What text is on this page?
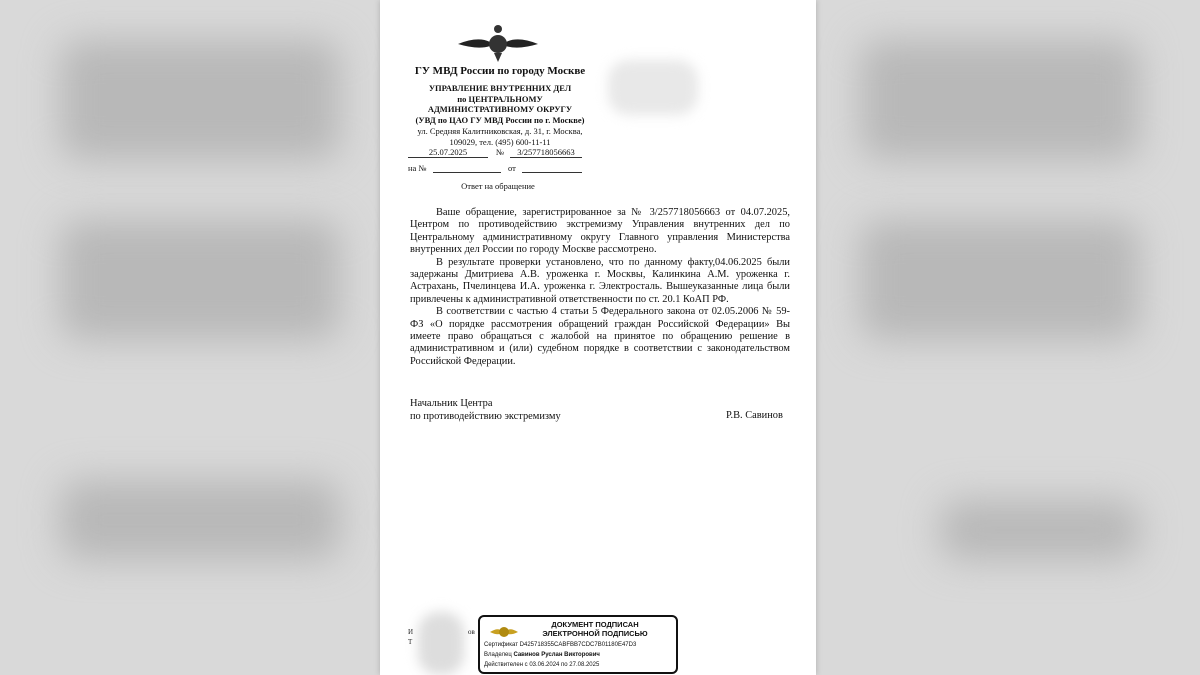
ГУ МВД России по городу Москве
УПРАВЛЕНИЕ ВНУТРЕННИХ ДЕЛ
по ЦЕНТРАЛЬНОМУ
АДМИНИСТРАТИВНОМУ ОКРУГУ
(УВД по ЦАО ГУ МВД России по г. Москве)
ул. Средняя Калитниковская, д. 31, г. Москва,
109029, тел. (495) 600-11-11
25.07.2025	№	3/257718056663
на №	от
Ответ на обращение

Ваше обращение, зарегистрированное за № 3/257718056663 от 04.07.2025, Центром по противодействию экстремизму Управления внутренних дел по Центральному административному округу Главного управления Министерства внутренних дел России по городу Москве рассмотрено.

В результате проверки установлено, что по данному факту,04.06.2025 были задержаны Дмитриева А.В. уроженка г. Москвы, Калинкина А.М. уроженка г. Астрахань, Пчелинцева И.А. уроженка г. Электросталь. Вышеуказанные лица были привлечены к административной ответственности по ст. 20.1 КоАП РФ.

В соответствии с частью 4 статьи 5 Федерального закона от 02.05.2006 № 59-ФЗ «О порядке рассмотрения обращений граждан Российской Федерации» Вы имеете право обращаться с жалобой на принятое по обращению решение в административном и (или) судебном порядке в соответствии с законодательством Российской Федерации.

Начальник Центра
по противодействию экстремизму	Р.В. Савинов
И
Т
ов
ДОКУМЕНТ ПОДПИСАН
ЭЛЕКТРОННОЙ ПОДПИСЬЮ
Сертификат D425718355CABFBB7CDC7B01180E47D3
Владелец Савинов Руслан Викторович
Действителен с 03.06.2024 по 27.08.2025
